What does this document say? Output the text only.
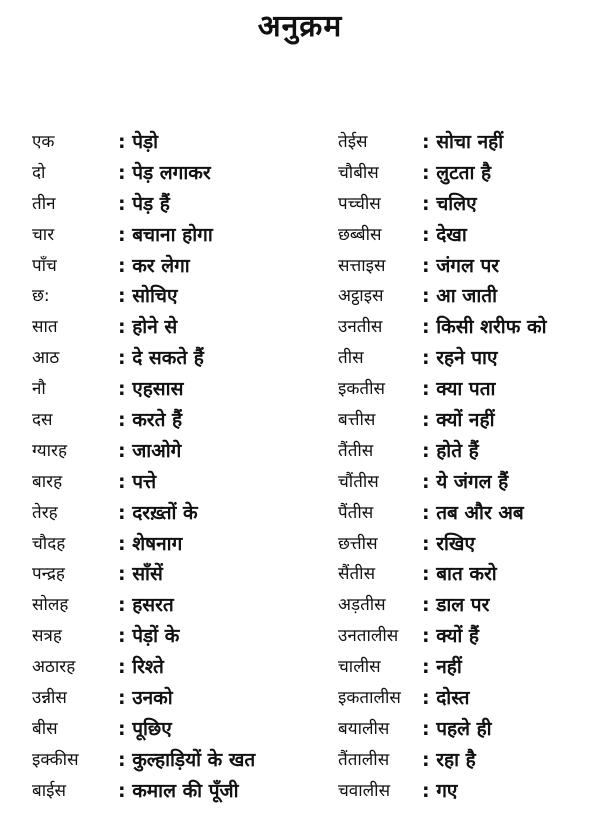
अनुक्रम
एक	: पेड़ो
दो	: पेड़ लगाकर
तीन	: पेड़ हैं
चार	: बचाना होगा
पाँच	: कर लेगा
छ:	: सोचिए
सात	: होने से
आठ	: दे सकते हैं
नौ	: एहसास
दस	: करते हैं
ग्यारह	: जाओगे
बारह	: पत्ते
तेरह	: दरख़्तों के
चौदह	: शेषनाग
पन्द्रह	: साँसें
सोलह	: हसरत
सत्रह	: पेड़ों के
अठारह : रिश्ते
उन्नीस	: उनको
बीस	: पूछिए
इक्कीस : कुल्हाड़ियों के खत
बाईस	: कमाल की पूँजी
तेईस	: सोचा नहीं
चौबीस : लुटता है
पच्चीस : चलिए
छब्बीस : देखा
सत्ताइस : जंगल पर
अट्ठाइस : आ जाती
उनतीस : किसी शरीफ को
तीस	: रहने पाए
इकतीस : क्या पता
बत्तीस : क्यों नहीं
तैंतीस	: होते हैं
चौंतीस : ये जंगल हैं
पैंतीस	: तब और अब
छत्तीस : रखिए
सैंतीस : बात करो
अड़तीस : डाल पर
उनतालीस : क्यों हैं
चालीस : नहीं
इकतालीस : दोस्त
बयालीस : पहले ही
तैंतालीस : रहा है
चवालीस : गए
